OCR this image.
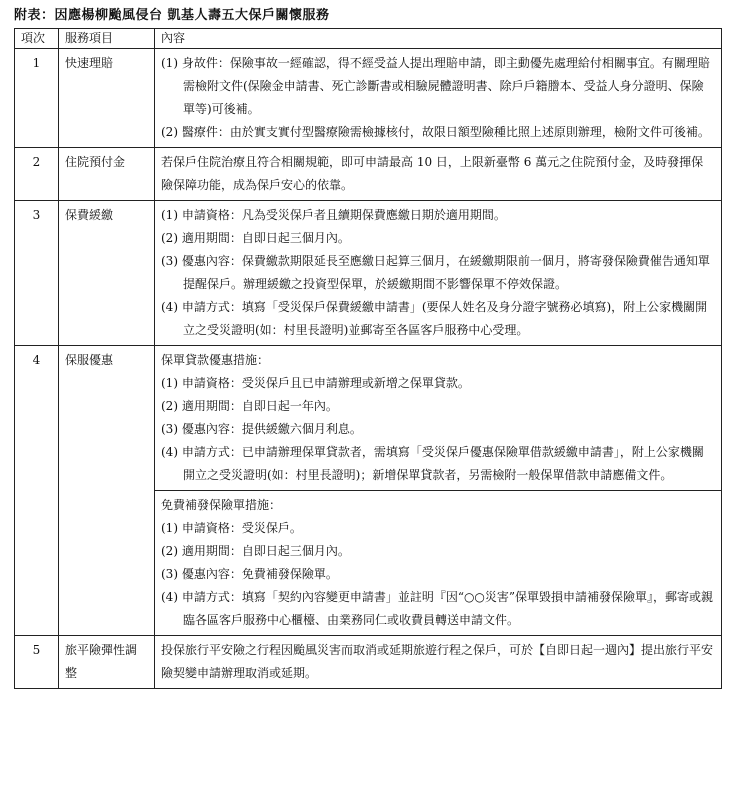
附表：因應楊柳颱風侵台 凱基人壽五大保戶關懷服務
項次	服務項目	內容
1	快速理賠	(1) 身故件：保險事故一經確認，得不經受益人提出理賠申請，即主動優先處理給付相關事宜。有關理賠需檢附文件(保險金申請書、死亡診斷書或相驗屍體證明書、除戶戶籍謄本、受益人身分證明、保險單等)可後補。

(2) 醫療件：由於實支實付型醫療險需檢據核付，故限日額型險種比照上述原則辦理，檢附文件可後補。

2	住院預付金	若保戶住院治療且符合相關規範，即可申請最高 10 日，上限新臺幣 6 萬元之住院預付金，及時發揮保險保障功能，成為保戶安心的依靠。

3	保費緩繳	(1) 申請資格：凡為受災保戶者且續期保費應繳日期於適用期間。

(2) 適用期間：自即日起三個月內。

(3) 優惠內容：保費繳款期限延長至應繳日起算三個月，在緩繳期限前一個月，將寄發保險費催告通知單提醒保戶。辦理緩繳之投資型保單，於緩繳期間不影響保單不停效保證。

(4) 申請方式：填寫「受災保戶保費緩繳申請書」(要保人姓名及身分證字號務必填寫)，附上公家機關開立之受災證明(如：村里長證明)並郵寄至各區客戶服務中心受理。

4	保服優惠	保單貸款優惠措施：

(1) 申請資格：受災保戶且已申請辦理或新增之保單貸款。

(2) 適用期間：自即日起一年內。

(3) 優惠內容：提供緩繳六個月利息。

(4) 申請方式：已申請辦理保單貸款者，需填寫「受災保戶優惠保險單借款緩繳申請書」，附上公家機關開立之受災證明(如：村里長證明)；新增保單貸款者，另需檢附一般保單借款申請應備文件。

		免費補發保險單措施：

(1) 申請資格：受災保戶。

(2) 適用期間：自即日起三個月內。

(3) 優惠內容：免費補發保險單。

(4) 申請方式：填寫「契約內容變更申請書」並註明『因“○○災害”保單毀損申請補發保險單』，郵寄或親臨各區客戶服務中心櫃檯、由業務同仁或收費員轉送申請文件。

5	旅平險彈性調整	投保旅行平安險之行程因颱風災害而取消或延期旅遊行程之保戶，可於【自即日起一週內】提出旅行平安險契變申請辦理取消或延期。
